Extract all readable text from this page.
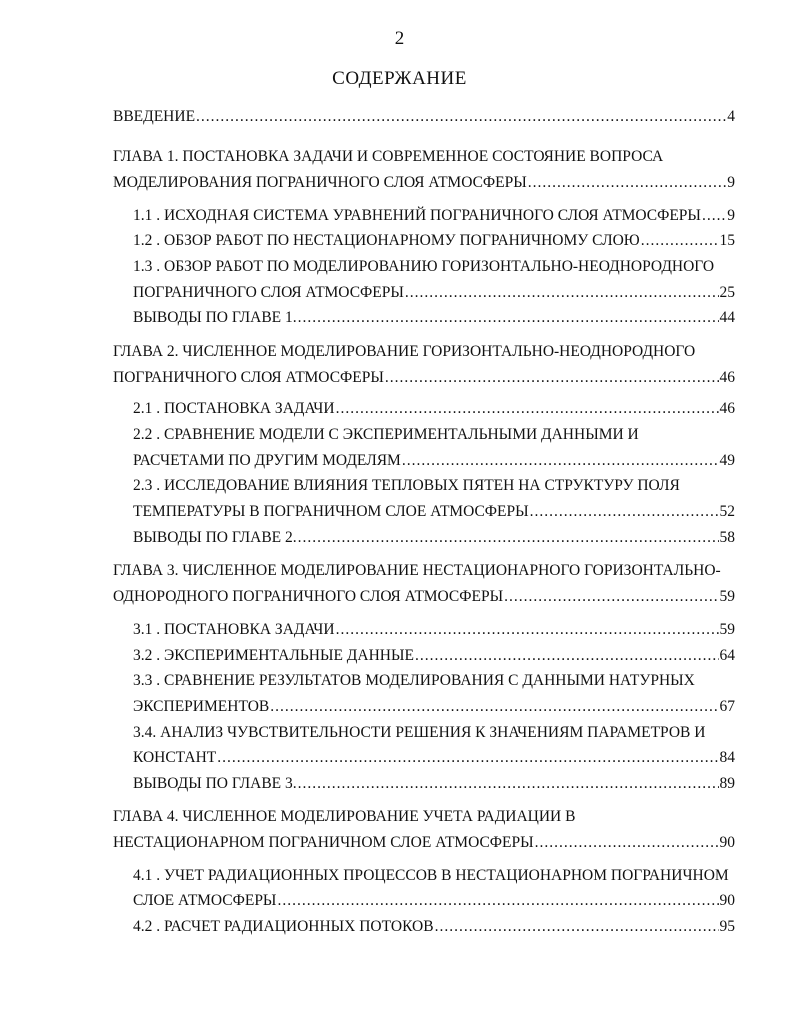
2
СОДЕРЖАНИЕ
ВВЕДЕНИЕ .....	4
ГЛАВА 1. ПОСТАНОВКА ЗАДАЧИ И СОВРЕМЕННОЕ СОСТОЯНИЕ ВОПРОСА
МОДЕЛИРОВАНИЯ ПОГРАНИЧНОГО СЛОЯ АТМОСФЕРЫ .....	9
1.1 . ИСХОДНАЯ СИСТЕМА УРАВНЕНИЙ ПОГРАНИЧНОГО СЛОЯ АТМОСФЕРЫ ..... 9
1.2 . ОБЗОР РАБОТ ПО НЕСТАЦИОНАРНОМУ ПОГРАНИЧНОМУ СЛОЮ .....	15
1.3 . ОБЗОР РАБОТ ПО МОДЕЛИРОВАНИЮ ГОРИЗОНТАЛЬНО-НЕОДНОРОДНОГО
ПОГРАНИЧНОГО СЛОЯ АТМОСФЕРЫ .....	25
ВЫВОДЫ ПО ГЛАВЕ 1. .....	44
ГЛАВА 2. ЧИСЛЕННОЕ МОДЕЛИРОВАНИЕ ГОРИЗОНТАЛЬНО-НЕОДНОРОДНОГО
ПОГРАНИЧНОГО СЛОЯ АТМОСФЕРЫ .....	46
2.1 . ПОСТАНОВКА ЗАДАЧИ .....	46
2.2 . СРАВНЕНИЕ МОДЕЛИ С ЭКСПЕРИМЕНТАЛЬНЫМИ ДАННЫМИ И
РАСЧЕТАМИ ПО ДРУГИМ МОДЕЛЯМ .....	49
2.3 . ИССЛЕДОВАНИЕ ВЛИЯНИЯ ТЕПЛОВЫХ ПЯТЕН НА СТРУКТУРУ ПОЛЯ
ТЕМПЕРАТУРЫ В ПОГРАНИЧНОМ СЛОЕ АТМОСФЕРЫ .....	52
ВЫВОДЫ ПО ГЛАВЕ 2. .....	58
ГЛАВА 3. ЧИСЛЕННОЕ МОДЕЛИРОВАНИЕ НЕСТАЦИОНАРНОГО ГОРИЗОНТАЛЬНО-
ОДНОРОДНОГО ПОГРАНИЧНОГО СЛОЯ АТМОСФЕРЫ .....	59
3.1 . ПОСТАНОВКА ЗАДАЧИ .....	59
3.2 . ЭКСПЕРИМЕНТАЛЬНЫЕ ДАННЫЕ .....	64
3.3 . СРАВНЕНИЕ РЕЗУЛЬТАТОВ МОДЕЛИРОВАНИЯ С ДАННЫМИ НАТУРНЫХ
ЭКСПЕРИМЕНТОВ .....	67
3.4. АНАЛИЗ ЧУВСТВИТЕЛЬНОСТИ РЕШЕНИЯ К ЗНАЧЕНИЯМ ПАРАМЕТРОВ И
КОНСТАНТ .....	84
ВЫВОДЫ ПО ГЛАВЕ 3. .....	89
ГЛАВА 4. ЧИСЛЕННОЕ МОДЕЛИРОВАНИЕ УЧЕТА РАДИАЦИИ В
НЕСТАЦИОНАРНОМ ПОГРАНИЧНОМ СЛОЕ АТМОСФЕРЫ .....	90
4.1 . УЧЕТ РАДИАЦИОННЫХ ПРОЦЕССОВ В НЕСТАЦИОНАРНОМ ПОГРАНИЧНОМ
СЛОЕ АТМОСФЕРЫ .....	90
4.2 . РАСЧЕТ РАДИАЦИОННЫХ ПОТОКОВ .....	95
